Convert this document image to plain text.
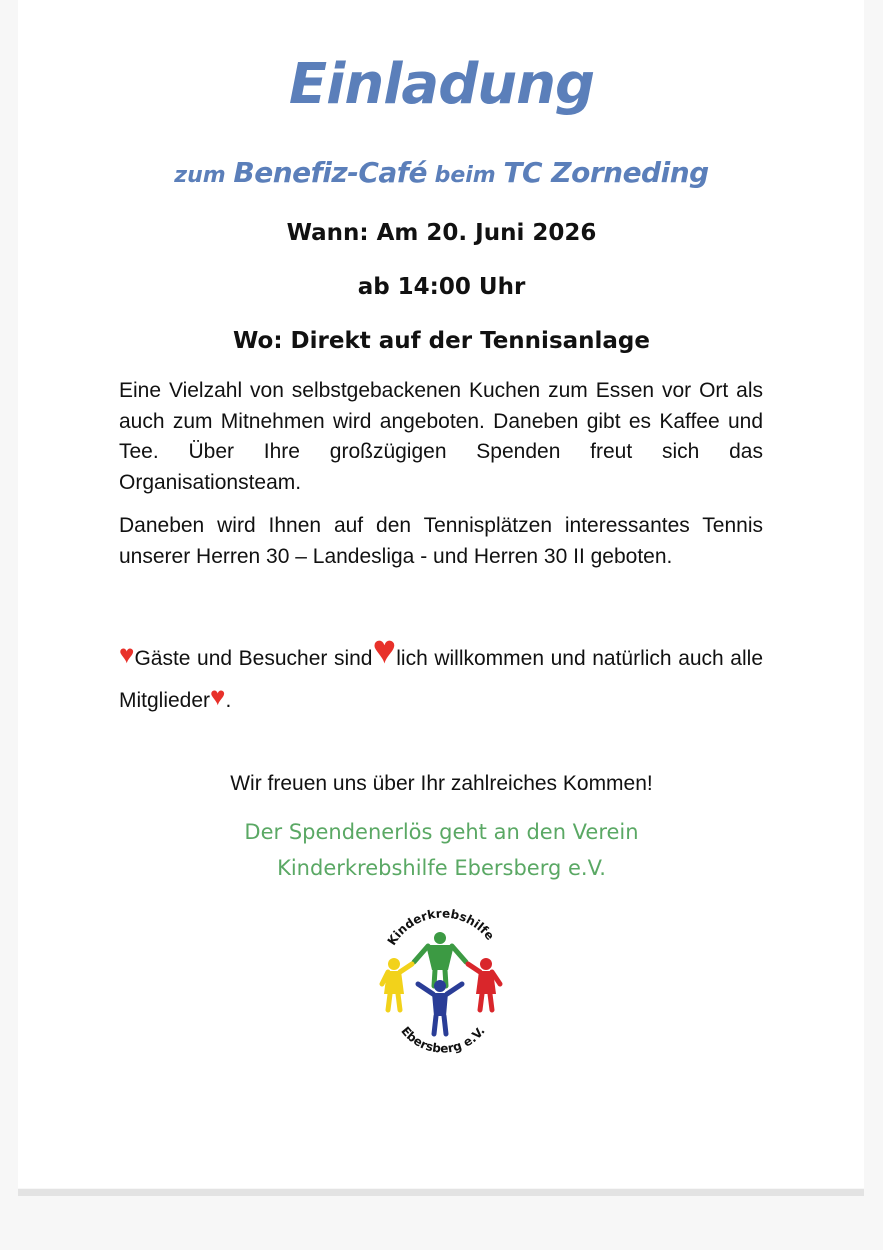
Einladung
zum Benefiz-Café beim TC Zorneding
Wann: Am 20. Juni 2026
ab 14:00 Uhr
Wo: Direkt auf der Tennisanlage
Eine Vielzahl von selbstgebackenen Kuchen zum Essen vor Ort als auch zum Mitnehmen wird angeboten. Daneben gibt es Kaffee und Tee. Über Ihre großzügigen Spenden freut sich das Organisationsteam.
Daneben wird Ihnen auf den Tennisplätzen interessantes Tennis unserer Herren 30 – Landesliga - und Herren 30 II geboten.
♥Gäste und Besucher sind♥lich willkommen und natürlich auch alle Mitglieder♥.
Wir freuen uns über Ihr zahlreiches Kommen!
Der Spendenerlös geht an den Verein
Kinderkrebshilfe Ebersberg e.V.
Kinderkrebshilfe
Ebersberg e.V.
